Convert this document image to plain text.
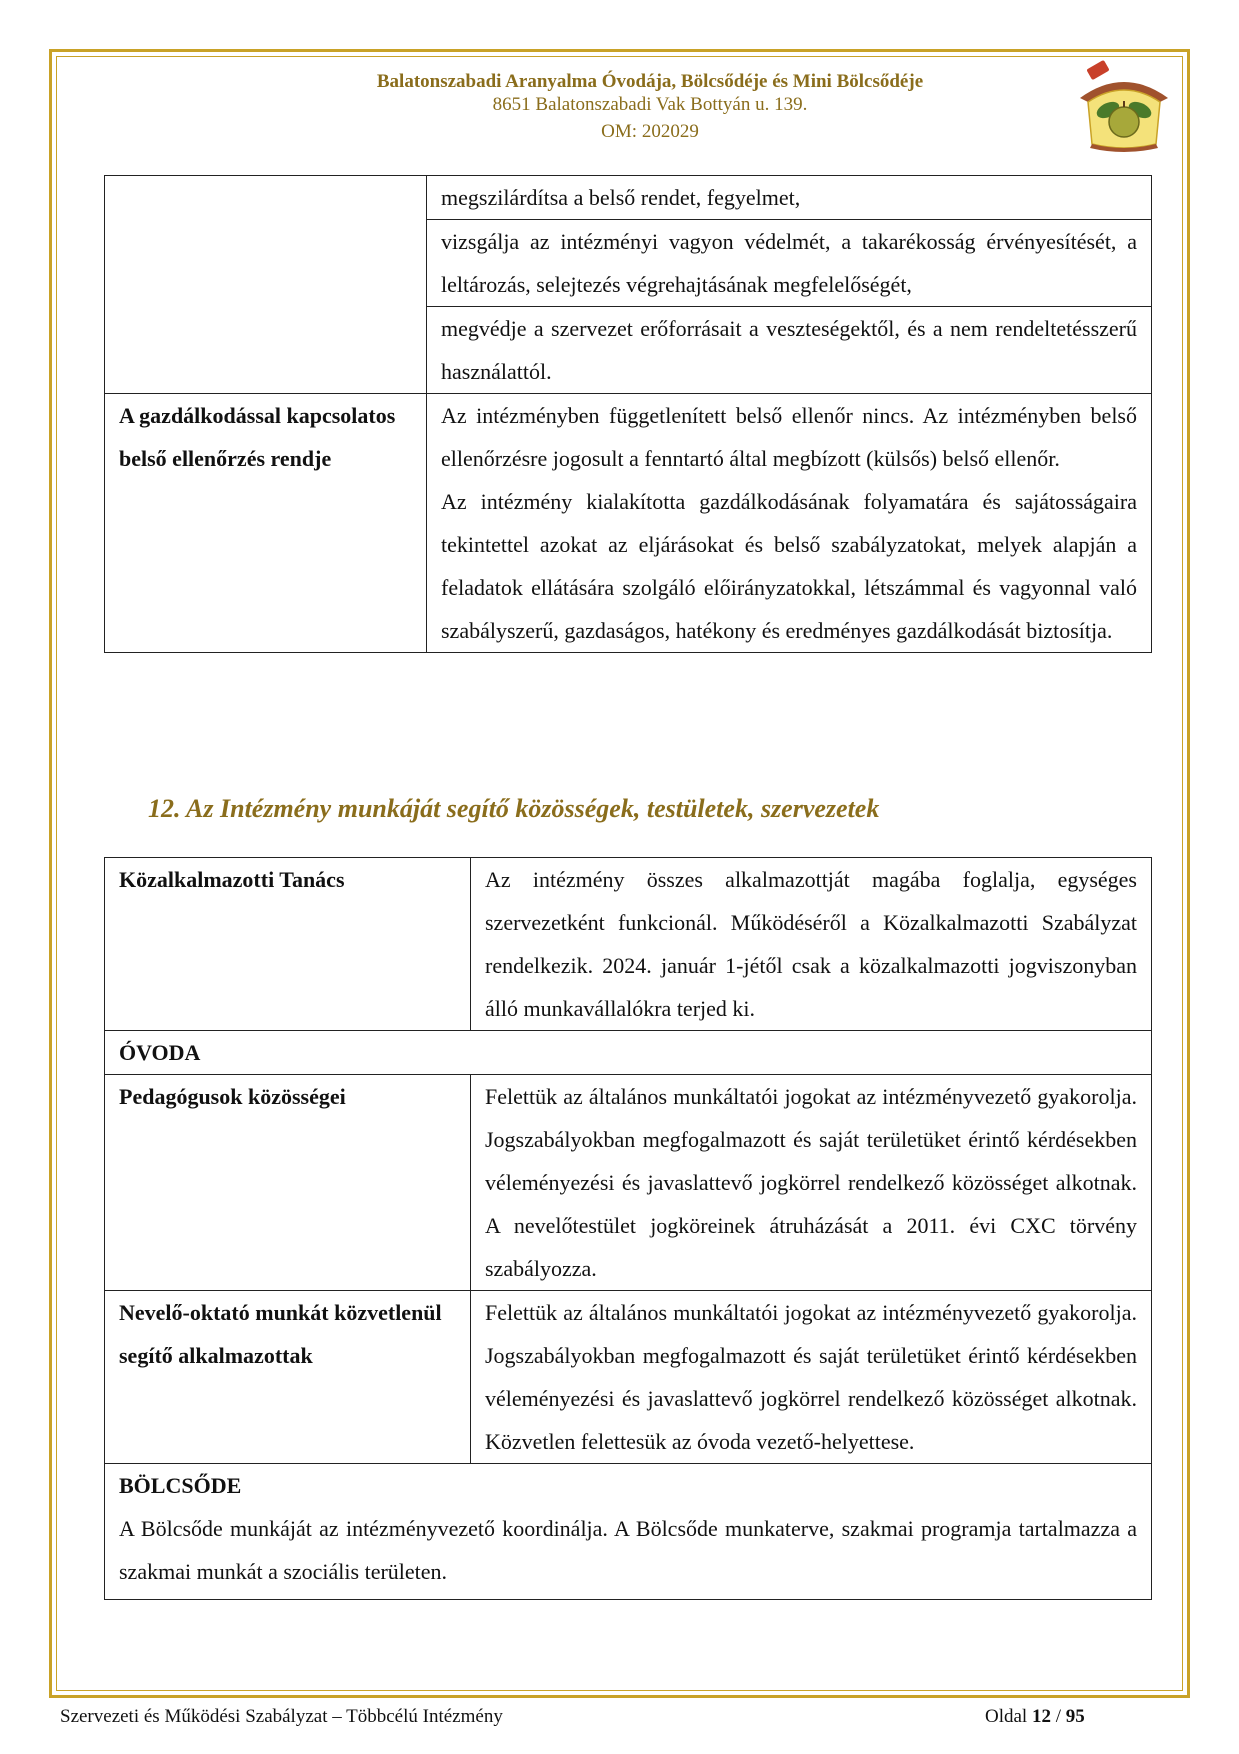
Balatonszabadi Aranyalma Óvodája, Bölcsődéje és Mini Bölcsődéje
8651 Balatonszabadi Vak Bottyán u. 139.
OM: 202029
	megszilárdítsa a belső rendet, fegyelmet,
	vizsgálja az intézményi vagyon védelmét, a takarékosság érvényesítését, a leltározás, selejtezés végrehajtásának megfelelőségét,
	megvédje a szervezet erőforrásait a veszteségektől, és a nem rendeltetésszerű használattól.
A gazdálkodással kapcsolatos belső ellenőrzés rendje	Az intézményben függetlenített belső ellenőr nincs. Az intézményben belső ellenőrzésre jogosult a fenntartó által megbízott (külsős) belső ellenőr.

Az intézmény kialakította gazdálkodásának folyamatára és sajátosságaira tekintettel azokat az eljárásokat és belső szabályzatokat, melyek alapján a feladatok ellátására szolgáló előirányzatokkal, létszámmal és vagyonnal való szabályszerű, gazdaságos, hatékony és eredményes gazdálkodását biztosítja.

12. Az Intézmény munkáját segítő közösségek, testületek, szervezetek
Közalkalmazotti Tanács	Az intézmény összes alkalmazottját magába foglalja, egységes szervezetként funkcionál. Működéséről a Közalkalmazotti Szabályzat rendelkezik. 2024. január 1-jétől csak a közalkalmazotti jogviszonyban álló munkavállalókra terjed ki.
ÓVODA	
Pedagógusok közösségei	Felettük az általános munkáltatói jogokat az intézményvezető gyakorolja. Jogszabályokban megfogalmazott és saját területüket érintő kérdésekben véleményezési és javaslattevő jogkörrel rendelkező közösséget alkotnak. A nevelőtestület jogköreinek átruházását a 2011. évi CXC törvény szabályozza.
Nevelő-oktató munkát közvetlenül segítő alkalmazottak	Felettük az általános munkáltatói jogokat az intézményvezető gyakorolja. Jogszabályokban megfogalmazott és saját területüket érintő kérdésekben véleményezési és javaslattevő jogkörrel rendelkező közösséget alkotnak. Közvetlen felettesük az óvoda vezető-helyettese.

BÖLCSŐDE

A Bölcsőde munkáját az intézményvezető koordinálja. A Bölcsőde munkaterve, szakmai programja tartalmazza a szakmai munkát a szociális területen.	

Szervezeti és Működési Szabályzat – Többcélú Intézmény	Oldal 12 / 95
